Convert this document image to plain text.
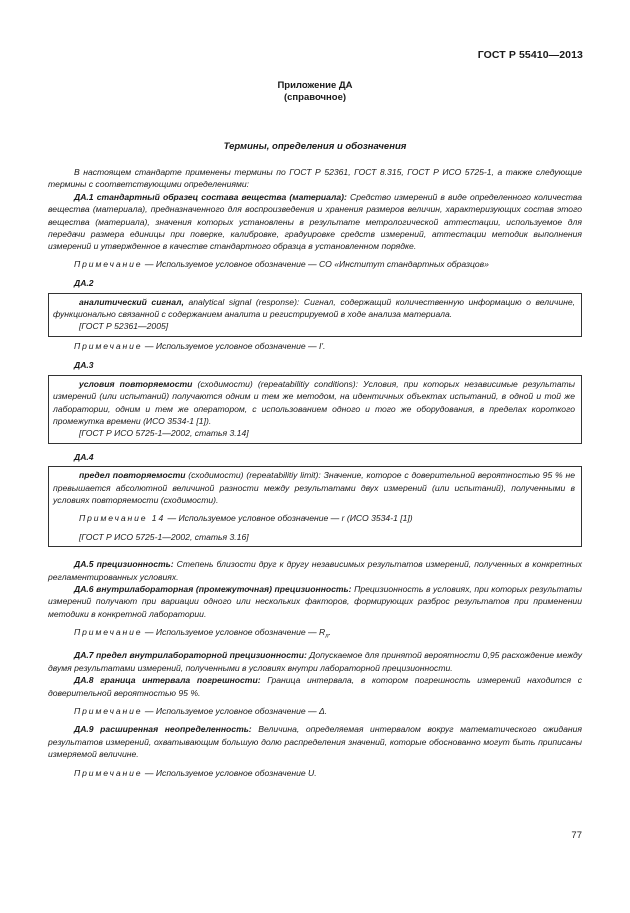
ГОСТ Р 55410—2013
Приложение ДА
(справочное)
Термины, определения и обозначения

В настоящем стандарте применены термины по ГОСТ Р 52361, ГОСТ 8.315, ГОСТ Р ИСО 5725-1, а также следующие термины с соответствующими определениями:

ДА.1 стандартный образец состава вещества (материала): Средство измерений в виде определенного количества вещества (материала), предназначенного для воспроизведения и хранения размеров величин, характеризующих состав этого вещества (материала), значения которых установлены в результате метрологической аттестации, используемое для передачи размера единицы при поверке, калибровке, градуировке средств измерений, аттестации методик выполнения измерений и утвержденное в качестве стандартного образца в установленном порядке.

Примечание — Используемое условное обозначение — СО «Институт стандартных образцов»

ДА.2

аналитический сигнал, analytical signal (response): Сигнал, содержащий количественную информацию о величине, функционально связанной с содержанием аналита и регистрируемой в ходе анализа материала.

[ГОСТ Р 52361—2005]

Примечание — Используемое условное обозначение — I'.

ДА.3

условия повторяемости (сходимости) (repeatabilitiy conditions): Условия, при которых независимые результаты измерений (или испытаний) получаются одним и тем же методом, на идентичных объектах испытаний, в одной и той же лаборатории, одним и тем же оператором, с использованием одного и того же оборудования, в пределах короткого промежутка времени (ИСО 3534-1 [1]).

[ГОСТ Р ИСО 5725-1—2002, статья 3.14]
ДА.4

предел повторяемости (сходимости) (repeatabilitiy limit): Значение, которое с доверительной вероятностью 95 % не превышается абсолютной величиной разности между результатами двух измерений (или испытаний), полученными в условиях повторяемости (сходимости).

Примечание 14 — Используемое условное обозначение — r (ИСО 3534-1 [1])

[ГОСТ Р ИСО 5725-1—2002, статья 3.16]

ДА.5 прецизионность: Степень близости друг к другу независимых результатов измерений, полученных в конкретных регламентированных условиях.

ДА.6 внутрилабораторная (промежуточная) прецизионность: Прецизионность в условиях, при которых результаты измерений получают при вариации одного или нескольких факторов, формирующих разброс результатов при применении методики в конкретной лаборатории.

Примечание — Используемое условное обозначение — $R_л$.

ДА.7 предел внутрилабораторной прецизионности: Допускаемое для принятой вероятности 0,95 расхождение между двумя результатами измерений, полученными в условиях внутри лабораторной прецизионности.

ДА.8 граница интервала погрешности: Граница интервала, в котором погрешность измерений находится с доверительной вероятностью 95 %.

Примечание — Используемое условное обозначение — Δ.

ДА.9 расширенная неопределенность: Величина, определяемая интервалом вокруг математического ожидания результатов измерений, охватывающим большую долю распределения значений, которые обоснованно могут быть приписаны измеряемой величине.

Примечание — Используемое условное обозначение U.

77
